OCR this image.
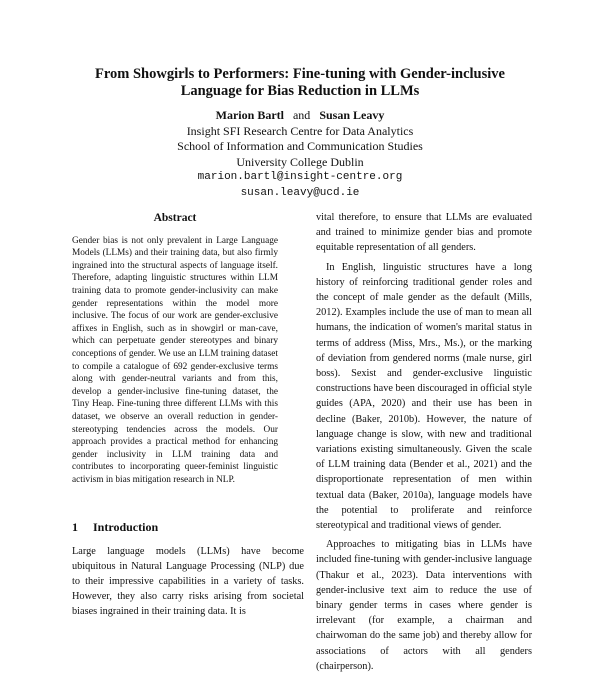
From Showgirls to Performers: Fine-tuning with Gender-inclusive
Language for Bias Reduction in LLMs
Marion Bartl and Susan Leavy
Insight SFI Research Centre for Data Analytics
School of Information and Communication Studies
University College Dublin
marion.bartl@insight-centre.org
susan.leavy@ucd.ie
Abstract

Gender bias is not only prevalent in Large Language Models (LLMs) and their training data, but also firmly ingrained into the structural aspects of language itself. Therefore, adapting linguistic structures within LLM training data to promote gender-inclusivity can make gender representations within the model more inclusive. The focus of our work are gender-exclusive affixes in English, such as in showgirl or man-cave, which can perpetuate gender stereotypes and binary conceptions of gender. We use an LLM training dataset to compile a catalogue of 692 gender-exclusive terms along with gender-neutral variants and from this, develop a gender-inclusive fine-tuning dataset, the Tiny Heap. Fine-tuning three different LLMs with this dataset, we observe an overall reduction in gender-stereotyping tendencies across the models. Our approach provides a practical method for enhancing gender inclusivity in LLM training data and contributes to incorporating queer-feminist linguistic activism in bias mitigation research in NLP.

1 Introduction
Large language models (LLMs) have become ubiquitous in Natural Language Processing (NLP) due to their impressive capabilities in a variety of tasks. However, they also carry risks arising from societal biases ingrained in their training data. It is

vital therefore, to ensure that LLMs are evaluated and trained to minimize gender bias and promote equitable representation of all genders.

In English, linguistic structures have a long history of reinforcing traditional gender roles and the concept of male gender as the default (Mills, 2012). Examples include the use of man to mean all humans, the indication of women's marital status in terms of address (Miss, Mrs., Ms.), or the marking of deviation from gendered norms (male nurse, girl boss). Sexist and gender-exclusive linguistic constructions have been discouraged in official style guides (APA, 2020) and their use has been in decline (Baker, 2010b). However, the nature of language change is slow, with new and traditional variations existing simultaneously. Given the scale of LLM training data (Bender et al., 2021) and the disproportionate representation of men within textual data (Baker, 2010a), language models have the potential to proliferate and reinforce stereotypical and traditional views of gender.

Approaches to mitigating bias in LLMs have included fine-tuning with gender-inclusive language (Thakur et al., 2023). Data interventions with gender-inclusive text aim to reduce the use of binary gender terms in cases where gender is irrelevant (for example, a chairman and chairwoman do the same job) and thereby allow for associations of actors with all genders (chairperson).
